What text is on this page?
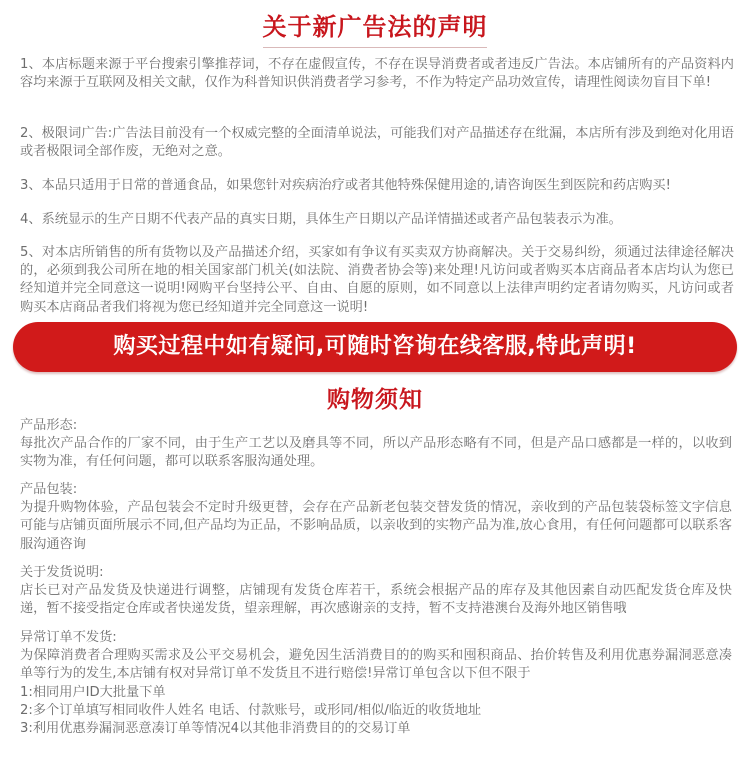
关于新广告法的声明

1、本店标题来源于平台搜索引擎推荐词，不存在虚假宣传，不存在误导消费者或者违反广告法。本店铺所有的产品资料内容均来源于互联网及相关文献，仅作为科普知识供消费者学习参考，不作为特定产品功效宣传，请理性阅读勿盲目下单!

2、极限词广告:广告法目前没有一个权威完整的全面清单说法，可能我们对产品描述存在纰漏，本店所有涉及到绝对化用语或者极限词全部作废，无绝对之意。

3、本品只适用于日常的普通食品，如果您针对疾病治疗或者其他特殊保健用途的,请咨询医生到医院和药店购买!

4、系统显示的生产日期不代表产品的真实日期，具体生产日期以产品详情描述或者产品包装表示为准。

5、对本店所销售的所有货物以及产品描述介绍，买家如有争议有买卖双方协商解决。关于交易纠纷，须通过法律途径解决的，必须到我公司所在地的相关国家部门机关(如法院、消费者协会等)来处理!凡访问或者购买本店商品者本店均认为您已经知道并完全同意这一说明!网购平台坚持公平、自由、自愿的原则，如不同意以上法律声明约定者请勿购买，凡访问或者购买本店商品者我们将视为您已经知道并完全同意这一说明!

购买过程中如有疑问,可随时咨询在线客服,特此声明!
购物须知

产品形态:

每批次产品合作的厂家不同，由于生产工艺以及磨具等不同，所以产品形态略有不同，但是产品口感都是一样的，以收到实物为准，有任何问题，都可以联系客服沟通处理。

产品包装:

为提升购物体验，产品包装会不定时升级更替，会存在产品新老包装交替发货的情况，亲收到的产品包装袋标签文字信息可能与店铺页面所展示不同,但产品均为正品，不影响品质，以亲收到的实物产品为准,放心食用，有任何问题都可以联系客服沟通咨询

关于发货说明:

店长已对产品发货及快递进行调整，店铺现有发货仓库若干，系统会根据产品的库存及其他因素自动匹配发货仓库及快递，暂不接受指定仓库或者快递发货，望亲理解，再次感谢亲的支持，暂不支持港澳台及海外地区销售哦

异常订单不发货:

为保障消费者合理购买需求及公平交易机会，避免因生活消费目的的购买和囤积商品、抬价转售及利用优惠券漏洞恶意凑单等行为的发生,本店铺有权对异常订单不发货且不进行赔偿!异常订单包含以下但不限于

1:相同用户ID大批量下单
2:多个订单填写相同收件人姓名 电话、付款账号，或形同/相似/临近的收货地址
3:利用优惠券漏洞恶意凑订单等情况4以其他非消费目的的交易订单
